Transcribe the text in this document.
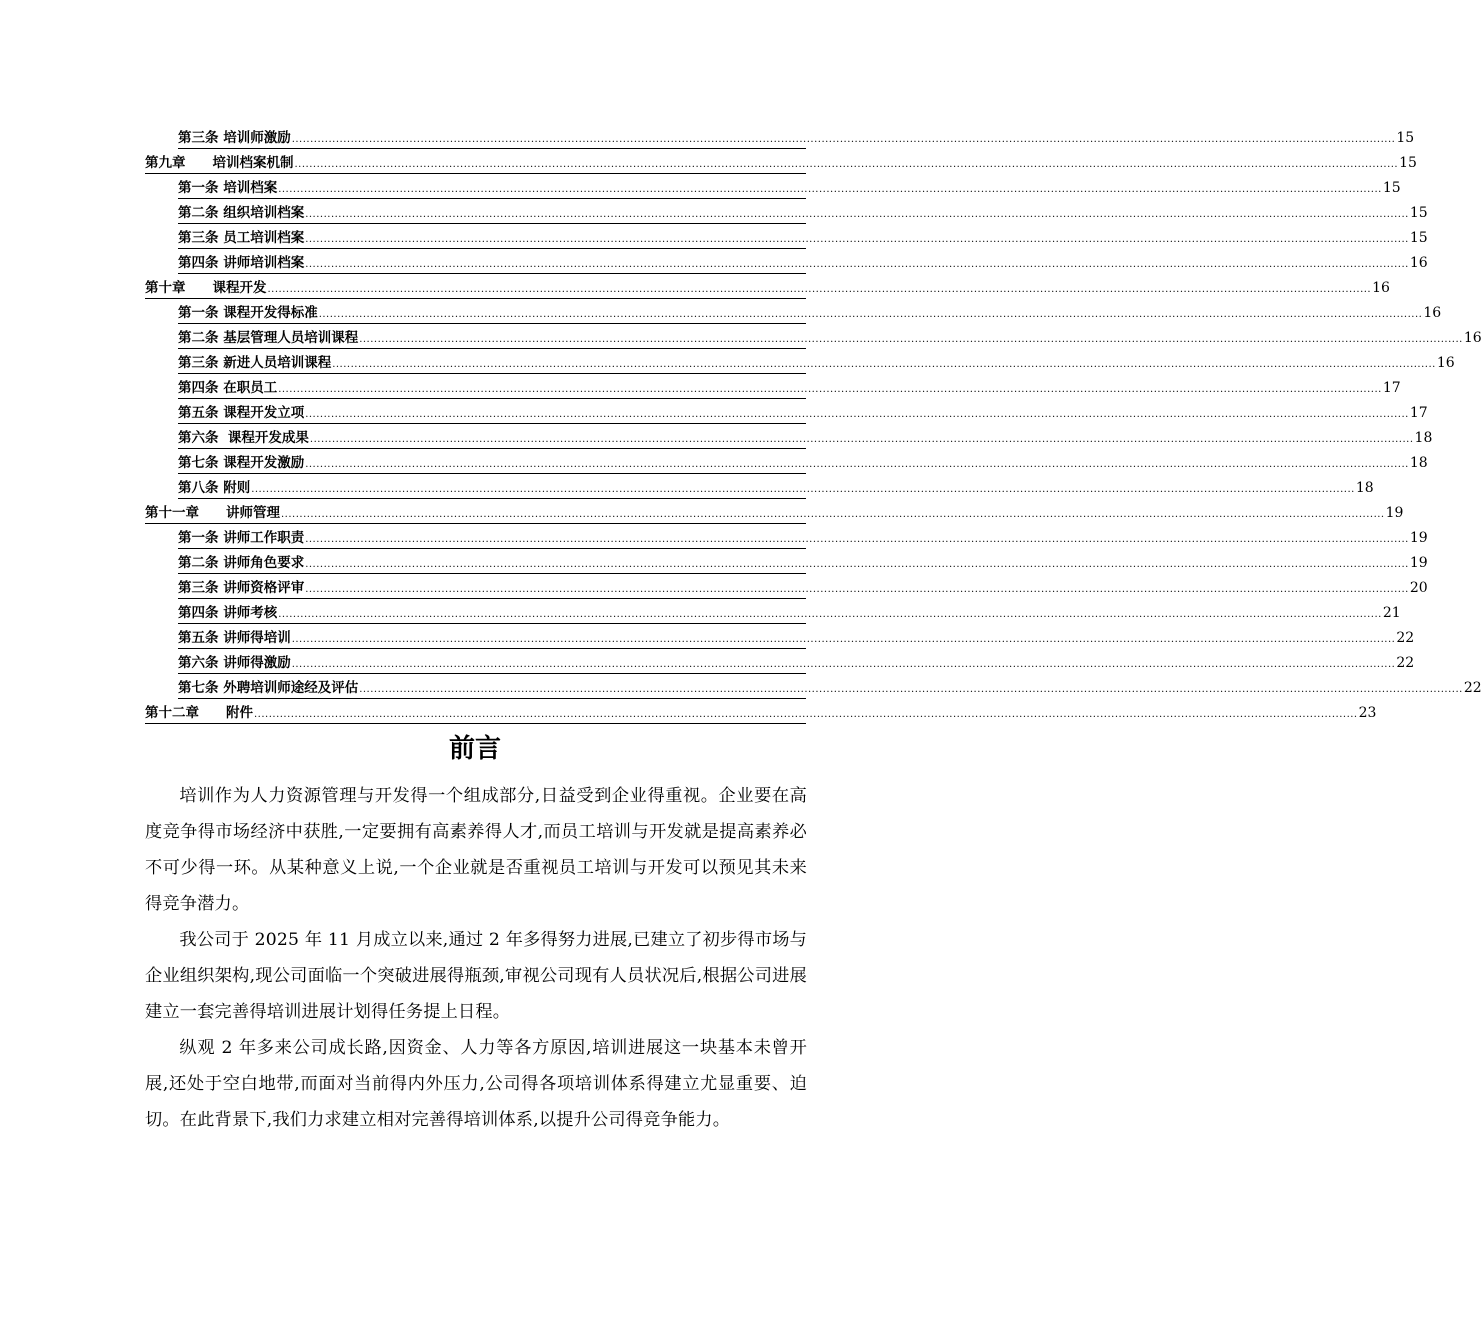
第三条 培训师激励 ............................................................................................................................................................................................................................................................................................................ 15
第九章　　培训档案机制 ............................................................................................................................................................................................................................................................................................................ 15
第一条 培训档案 ............................................................................................................................................................................................................................................................................................................ 15
第二条 组织培训档案 ............................................................................................................................................................................................................................................................................................................ 15
第三条 员工培训档案 ............................................................................................................................................................................................................................................................................................................ 15
第四条 讲师培训档案 ............................................................................................................................................................................................................................................................................................................ 16
第十章　　课程开发 ............................................................................................................................................................................................................................................................................................................ 16
第一条 课程开发得标准 ............................................................................................................................................................................................................................................................................................................ 16
第二条 基层管理人员培训课程 ............................................................................................................................................................................................................................................................................................................ 16
第三条 新进人员培训课程 ............................................................................................................................................................................................................................................................................................................ 16
第四条 在职员工 ............................................................................................................................................................................................................................................................................................................ 17
第五条 课程开发立项 ............................................................................................................................................................................................................................................................................................................ 17
第六条  课程开发成果 ............................................................................................................................................................................................................................................................................................................ 18
第七条 课程开发激励 ............................................................................................................................................................................................................................................................................................................ 18
第八条 附则 ............................................................................................................................................................................................................................................................................................................ 18
第十一章　　讲师管理 ............................................................................................................................................................................................................................................................................................................ 19
第一条 讲师工作职责 ............................................................................................................................................................................................................................................................................................................ 19
第二条 讲师角色要求 ............................................................................................................................................................................................................................................................................................................ 19
第三条 讲师资格评审 ............................................................................................................................................................................................................................................................................................................ 20
第四条 讲师考核 ............................................................................................................................................................................................................................................................................................................ 21
第五条 讲师得培训 ............................................................................................................................................................................................................................................................................................................ 22
第六条 讲师得激励 ............................................................................................................................................................................................................................................................................................................ 22
第七条 外聘培训师途经及评估 ............................................................................................................................................................................................................................................................................................................ 22
第十二章　　附件 ............................................................................................................................................................................................................................................................................................................ 23
前言

培训作为人力资源管理与开发得一个组成部分,日益受到企业得重视。企业要在高度竞争得市场经济中获胜,一定要拥有高素养得人才,而员工培训与开发就是提高素养必不可少得一环。从某种意义上说,一个企业就是否重视员工培训与开发可以预见其未来得竞争潜力。

我公司于 2025 年 11 月成立以来,通过 2 年多得努力进展,已建立了初步得市场与企业组织架构,现公司面临一个突破进展得瓶颈,审视公司现有人员状况后,根据公司进展建立一套完善得培训进展计划得任务提上日程。

纵观 2 年多来公司成长路,因资金、人力等各方原因,培训进展这一块基本未曾开展,还处于空白地带,而面对当前得内外压力,公司得各项培训体系得建立尤显重要、迫切。在此背景下,我们力求建立相对完善得培训体系,以提升公司得竞争能力。
